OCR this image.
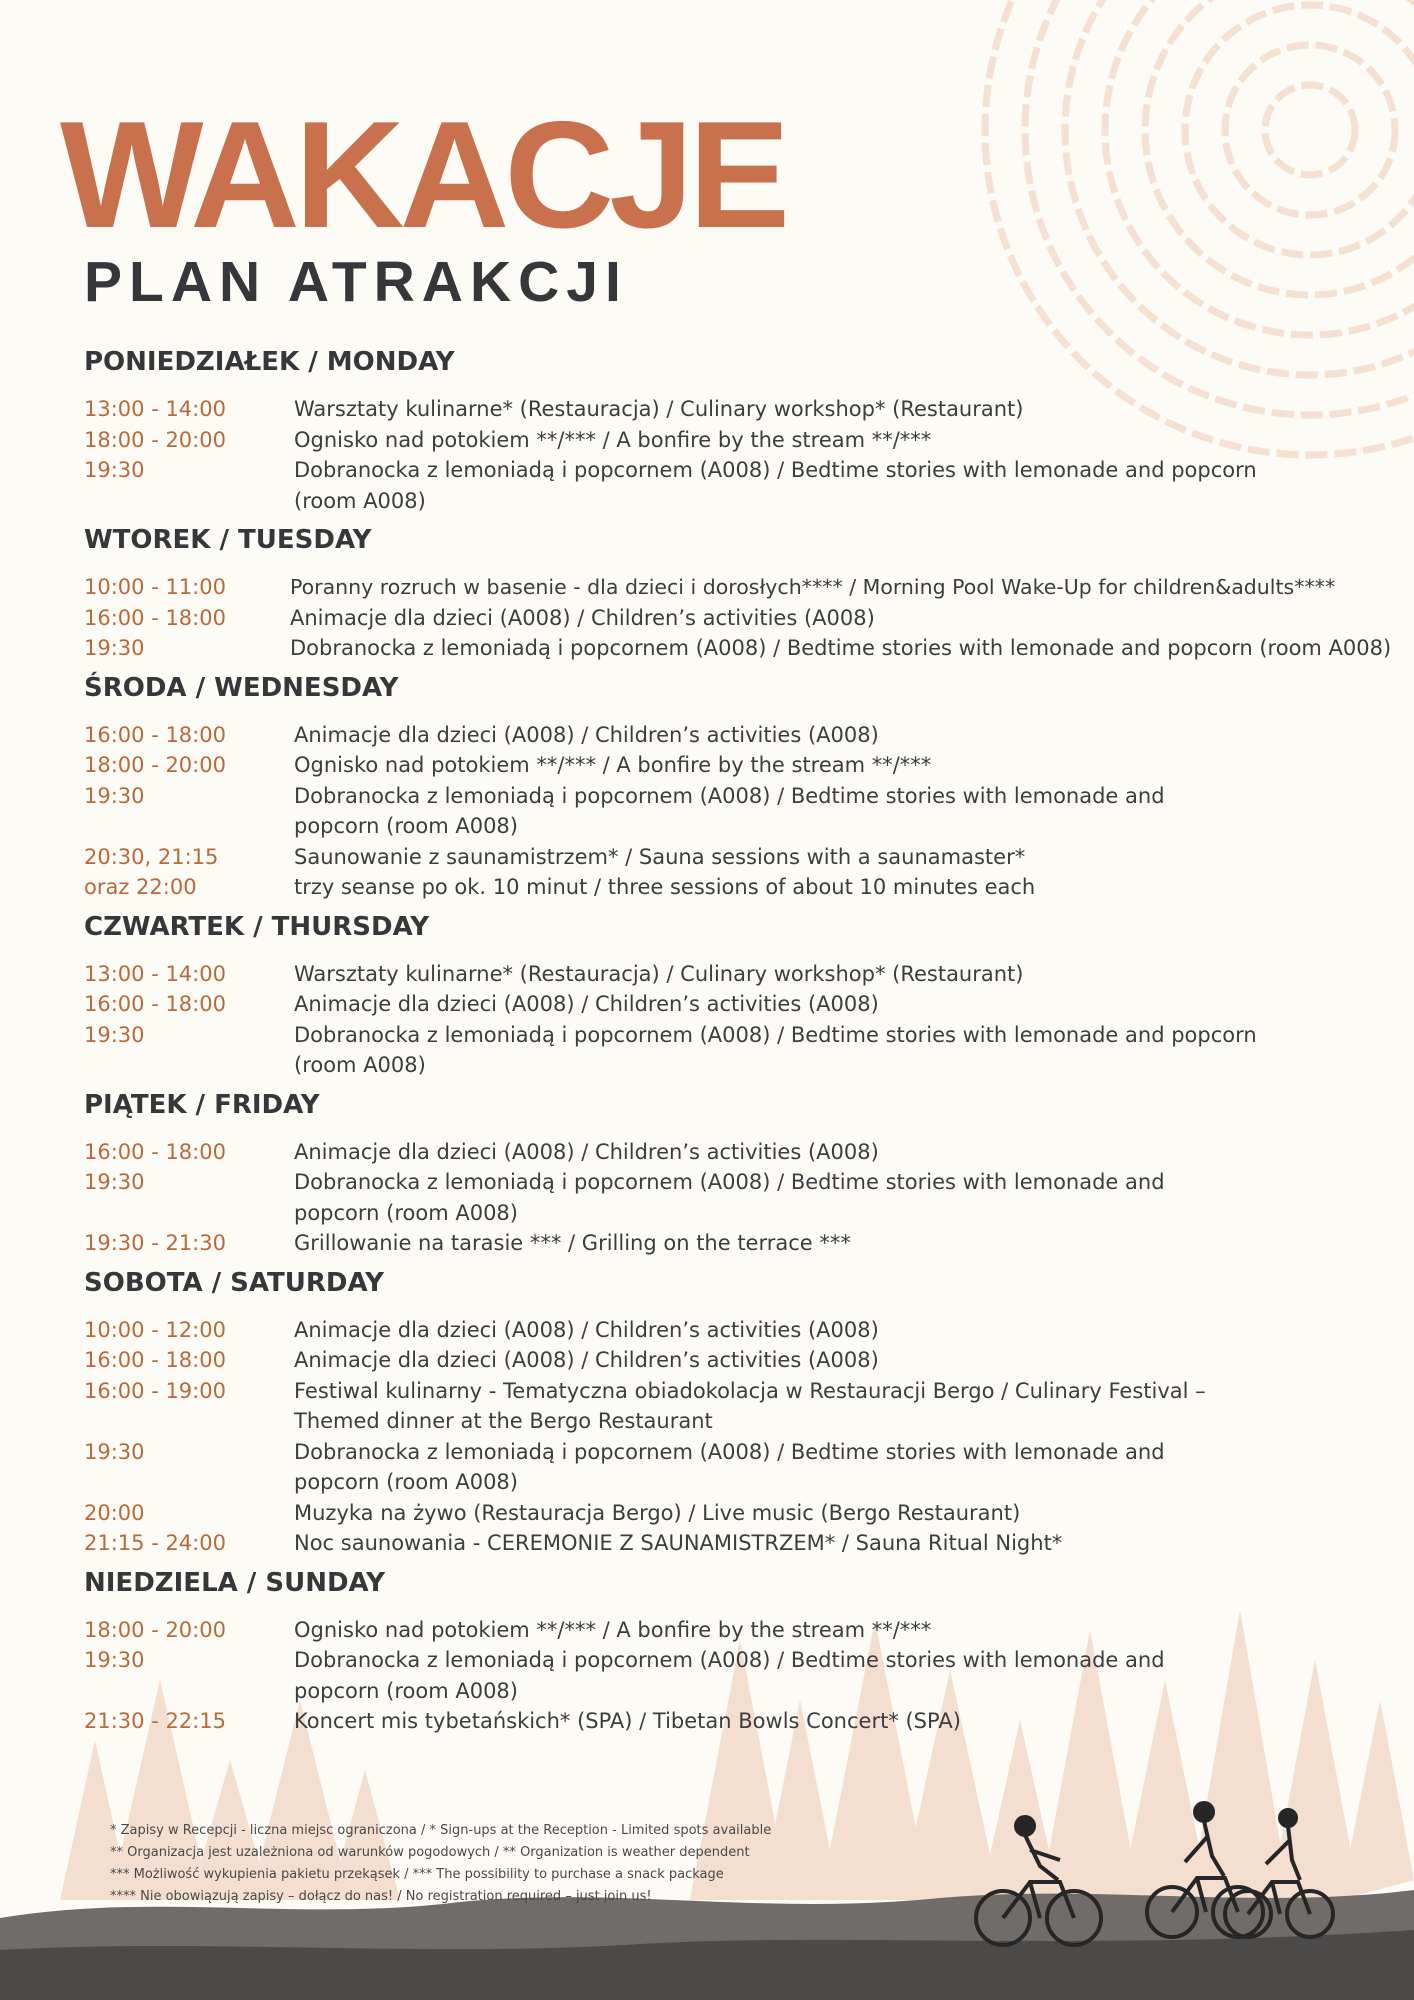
WAKACJE
PLAN ATRAKCJI
PONIEDZIAŁEK / MONDAY
13:00 - 14:00	Warsztaty kulinarne* (Restauracja) / Culinary workshop* (Restaurant)
18:00 - 20:00	Ognisko nad potokiem **/*** / A bonfire by the stream **/***
19:30	Dobranocka z lemoniadą i popcornem (A008) / Bedtime stories with lemonade and popcorn (room A008)
WTOREK / TUESDAY
10:00 - 11:00	Poranny rozruch w basenie - dla dzieci i dorosłych**** / Morning Pool Wake-Up for children&adults****
16:00 - 18:00	Animacje dla dzieci (A008) / Children’s activities (A008)
19:30	Dobranocka z lemoniadą i popcornem (A008) / Bedtime stories with lemonade and popcorn (room A008)
ŚRODA / WEDNESDAY
16:00 - 18:00	Animacje dla dzieci (A008) / Children’s activities (A008)
18:00 - 20:00	Ognisko nad potokiem **/*** / A bonfire by the stream **/***
19:30	Dobranocka z lemoniadą i popcornem (A008) / Bedtime stories with lemonade and popcorn (room A008)
20:30, 21:15	Saunowanie z saunamistrzem* / Sauna sessions with a saunamaster*
oraz 22:00	trzy seanse po ok. 10 minut / three sessions of about 10 minutes each
CZWARTEK / THURSDAY
13:00 - 14:00	Warsztaty kulinarne* (Restauracja) / Culinary workshop* (Restaurant)
16:00 - 18:00	Animacje dla dzieci (A008) / Children’s activities (A008)
19:30	Dobranocka z lemoniadą i popcornem (A008) / Bedtime stories with lemonade and popcorn (room A008)
PIĄTEK / FRIDAY
16:00 - 18:00	Animacje dla dzieci (A008) / Children’s activities (A008)
19:30	Dobranocka z lemoniadą i popcornem (A008) / Bedtime stories with lemonade and popcorn (room A008)
19:30 - 21:30	Grillowanie na tarasie *** / Grilling on the terrace ***
SOBOTA / SATURDAY
10:00 - 12:00	Animacje dla dzieci (A008) / Children’s activities (A008)
16:00 - 18:00	Animacje dla dzieci (A008) / Children’s activities (A008)
16:00 - 19:00	Festiwal kulinarny - Tematyczna obiadokolacja w Restauracji Bergo / Culinary Festival – Themed dinner at the Bergo Restaurant
19:30	Dobranocka z lemoniadą i popcornem (A008) / Bedtime stories with lemonade and popcorn (room A008)
20:00	Muzyka na żywo (Restauracja Bergo) / Live music (Bergo Restaurant)
21:15 - 24:00	Noc saunowania - CEREMONIE Z SAUNAMISTRZEM* / Sauna Ritual Night*
NIEDZIELA / SUNDAY
18:00 - 20:00	Ognisko nad potokiem **/*** / A bonfire by the stream **/***
19:30	Dobranocka z lemoniadą i popcornem (A008) / Bedtime stories with lemonade and popcorn (room A008)
21:30 - 22:15	Koncert mis tybetańskich* (SPA) / Tibetan Bowls Concert* (SPA)
* Zapisy w Recepcji - liczna miejsc ograniczona / * Sign-ups at the Reception - Limited spots available
** Organizacja jest uzależniona od warunków pogodowych / ** Organization is weather dependent
*** Możliwość wykupienia pakietu przekąsek / *** The possibility to purchase a snack package
**** Nie obowiązują zapisy – dołącz do nas! / No registration required – just join us!
